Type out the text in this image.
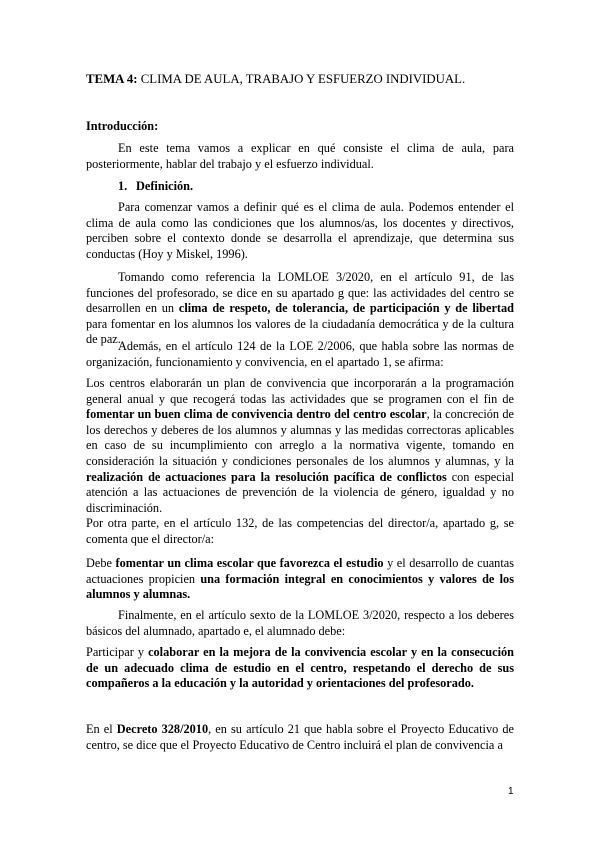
TEMA 4: CLIMA DE AULA, TRABAJO Y ESFUERZO INDIVIDUAL.
Introducción:

En este tema vamos a explicar en qué consiste el clima de aula, para posteriormente, hablar del trabajo y el esfuerzo individual.

1. Definición.

Para comenzar vamos a definir qué es el clima de aula. Podemos entender el clima de aula como las condiciones que los alumnos/as, los docentes y directivos, perciben sobre el contexto donde se desarrolla el aprendizaje, que determina sus conductas (Hoy y Miskel, 1996).

Tomando como referencia la LOMLOE 3/2020, en el artículo 91, de las funciones del profesorado, se dice en su apartado g que: las actividades del centro se desarrollen en un clima de respeto, de tolerancia, de participación y de libertad para fomentar en los alumnos los valores de la ciudadanía democrática y de la cultura de paz.

Además, en el artículo 124 de la LOE 2/2006, que habla sobre las normas de organización, funcionamiento y convivencia, en el apartado 1, se afirma:

Los centros elaborarán un plan de convivencia que incorporarán a la programación general anual y que recogerá todas las actividades que se programen con el fin de fomentar un buen clima de convivencia dentro del centro escolar, la concreción de los derechos y deberes de los alumnos y alumnas y las medidas correctoras aplicables en caso de su incumplimiento con arreglo a la normativa vigente, tomando en consideración la situación y condiciones personales de los alumnos y alumnas, y la realización de actuaciones para la resolución pacífica de conflictos con especial atención a las actuaciones de prevención de la violencia de género, igualdad y no discriminación.

Por otra parte, en el artículo 132, de las competencias del director/a, apartado g, se comenta que el director/a:

Debe fomentar un clima escolar que favorezca el estudio y el desarrollo de cuantas actuaciones propicien una formación integral en conocimientos y valores de los alumnos y alumnas.

Finalmente, en el artículo sexto de la LOMLOE 3/2020, respecto a los deberes básicos del alumnado, apartado e, el alumnado debe:

Participar y colaborar en la mejora de la convivencia escolar y en la consecución de un adecuado clima de estudio en el centro, respetando el derecho de sus compañeros a la educación y la autoridad y orientaciones del profesorado.

En el Decreto 328/2010, en su artículo 21 que habla sobre el Proyecto Educativo de centro, se dice que el Proyecto Educativo de Centro incluirá el plan de convivencia a

1
